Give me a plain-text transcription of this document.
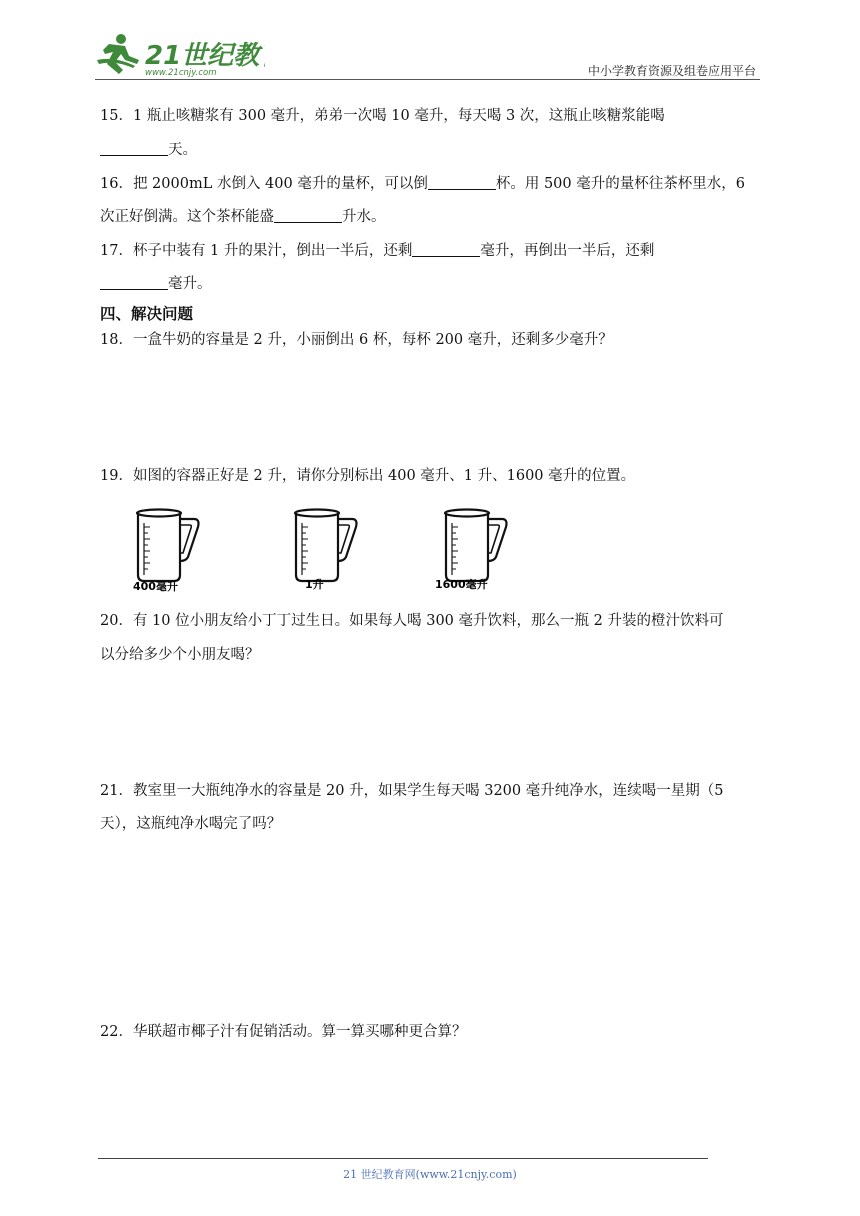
21世纪教
www.21cnjy.com	中小学教育资源及组卷应用平台
15．1 瓶止咳糖浆有 300 毫升，弟弟一次喝 10 毫升，每天喝 3 次，这瓶止咳糖浆能喝
天。
16．把 2000mL 水倒入 400 毫升的量杯，可以倒	杯。用 500 毫升的量杯往茶杯里水，6
次正好倒满。这个茶杯能盛	升水。
17．杯子中装有 1 升的果汁，倒出一半后，还剩	毫升，再倒出一半后，还剩
毫升。
四、解决问题
18．一盒牛奶的容量是 2 升，小丽倒出 6 杯，每杯 200 毫升，还剩多少毫升？
19．如图的容器正好是 2 升，请你分别标出 400 毫升、1 升、1600 毫升的位置。
400毫升	1升	1600毫升
20．有 10 位小朋友给小丁丁过生日。如果每人喝 300 毫升饮料，那么一瓶 2 升装的橙汁饮料可
以分给多少个小朋友喝？
21．教室里一大瓶纯净水的容量是 20 升，如果学生每天喝 3200 毫升纯净水，连续喝一星期（5
天），这瓶纯净水喝完了吗？
22．华联超市椰子汁有促销活动。算一算买哪种更合算？
21 世纪教育网(www.21cnjy.com)
